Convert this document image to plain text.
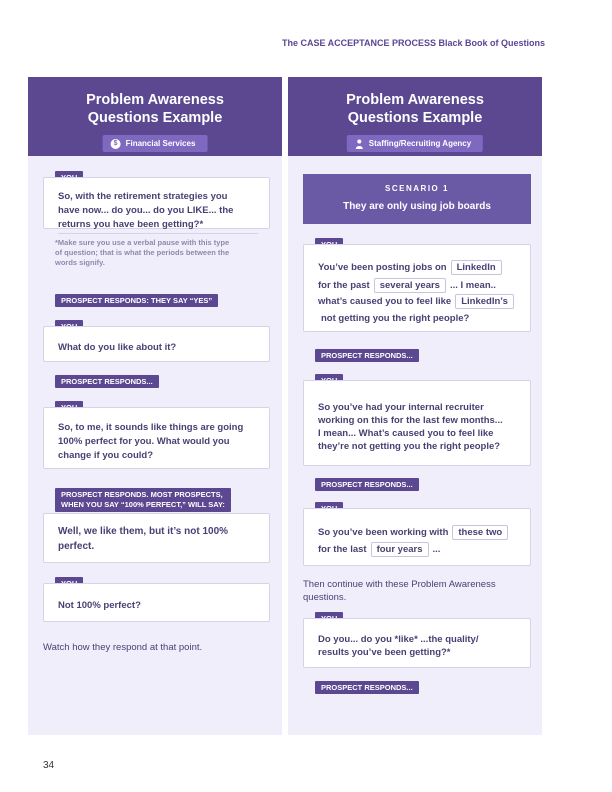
The CASE ACCEPTANCE PROCESS Black Book of Questions
Problem Awareness
Questions Example
$	Financial Services
So, with the retirement strategies you
have now... do you... do you LIKE... the
returns you have been getting?*
*Make sure you use a verbal pause with this type
of question; that is what the periods between the
words signify.
PROSPECT RESPONDS: THEY SAY “YES”
What do you like about it?
PROSPECT RESPONDS...
So, to me, it sounds like things are going
100% perfect for you. What would you
change if you could?
PROSPECT RESPONDS. MOST PROSPECTS,
WHEN YOU SAY “100% PERFECT,” WILL SAY:
Well, we like them, but it’s not 100%
perfect.
Not 100% perfect?
Watch how they respond at that point.
Problem Awareness
Questions Example
Staffing/Recruiting Agency
SCENARIO 1
They are only using job boards
You’ve been posting jobs on	LinkedIn
for the past	several years	... I mean..
what’s caused you to feel like	LinkedIn’s
not getting you the right people?
PROSPECT RESPONDS...
So you’ve had your internal recruiter
working on this for the last few months...
I mean... What’s caused you to feel like
they’re not getting you the right people?
PROSPECT RESPONDS...
So you’ve been working with	these two
for the last	four years	...
Then continue with these Problem Awareness
questions.
Do you... do you *like* ...the quality/
results you’ve been getting?*
PROSPECT RESPONDS...
34
